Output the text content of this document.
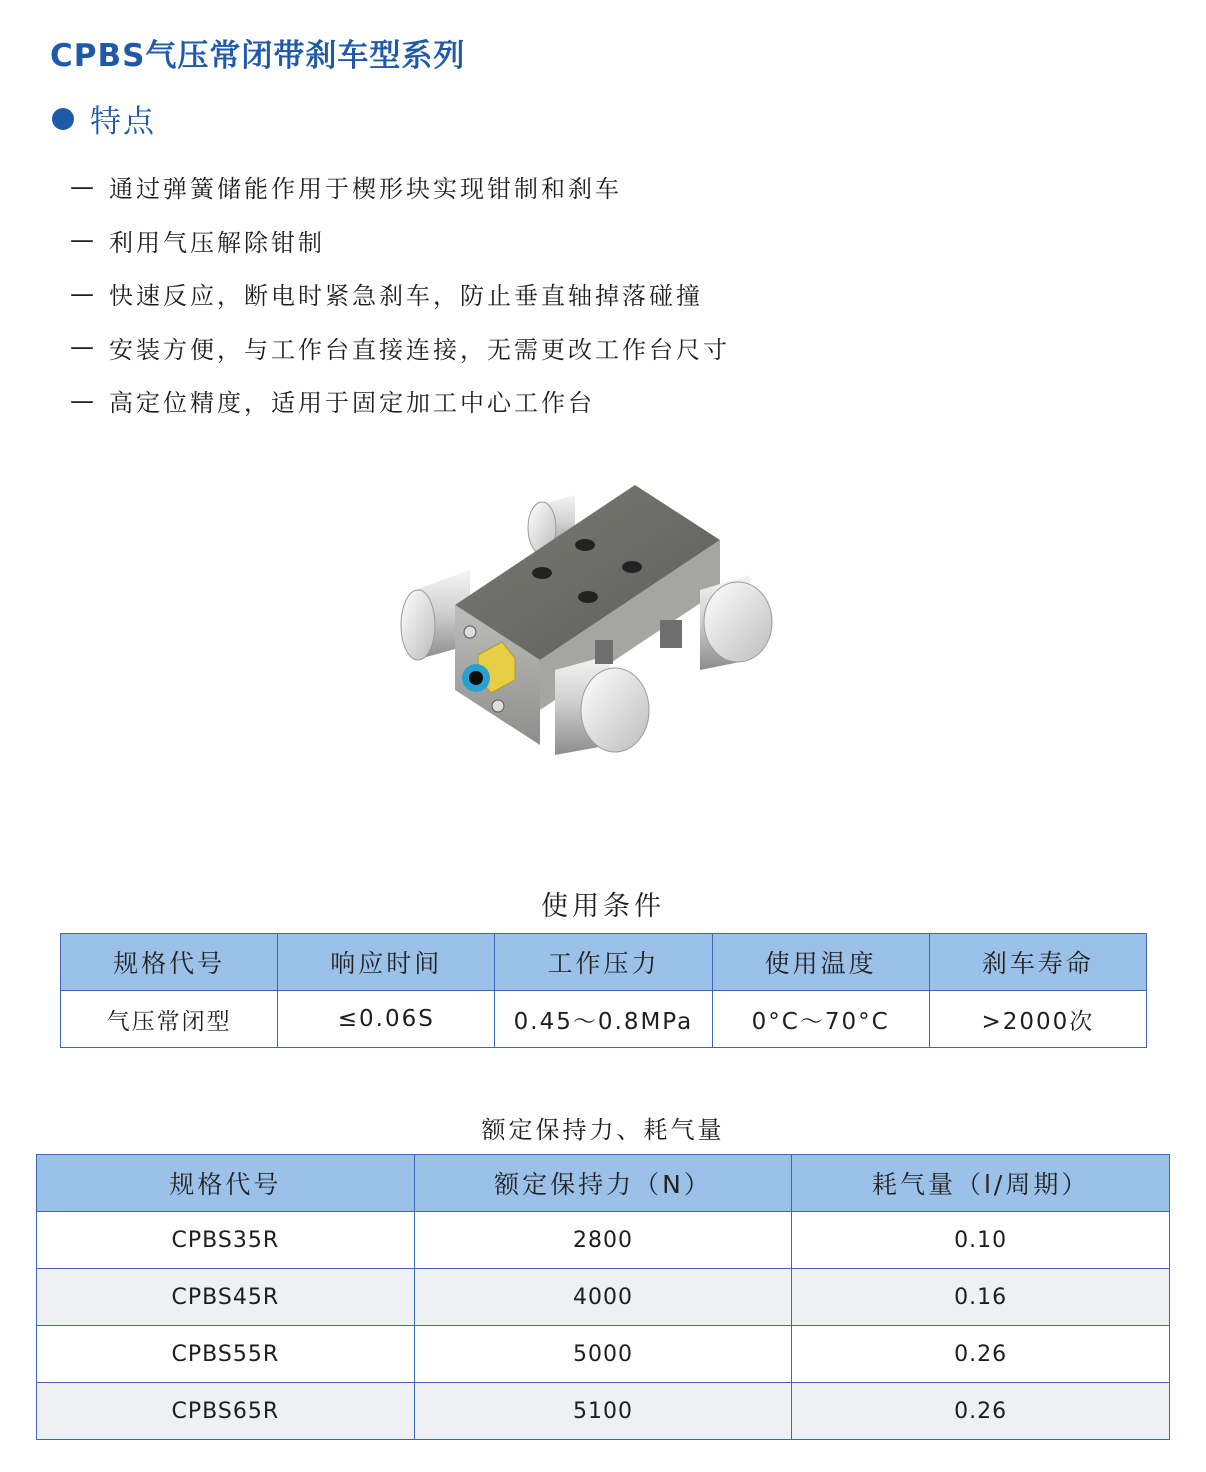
CPBS气压常闭带刹车型系列
特点
— 通过弹簧储能作用于楔形块实现钳制和刹车
— 利用气压解除钳制
— 快速反应，断电时紧急刹车，防止垂直轴掉落碰撞
— 安装方便，与工作台直接连接，无需更改工作台尺寸
— 高定位精度，适用于固定加工中心工作台
使用条件
规格代号	响应时间	工作压力	使用温度	刹车寿命
气压常闭型	≤0.06S	0.45～0.8MPa	0°C～70°C	>2000次
额定保持力、耗气量
规格代号	额定保持力（N）	耗气量（l/周期）
CPBS35R	2800	0.10
CPBS45R	4000	0.16
CPBS55R	5000	0.26
CPBS65R	5100	0.26
